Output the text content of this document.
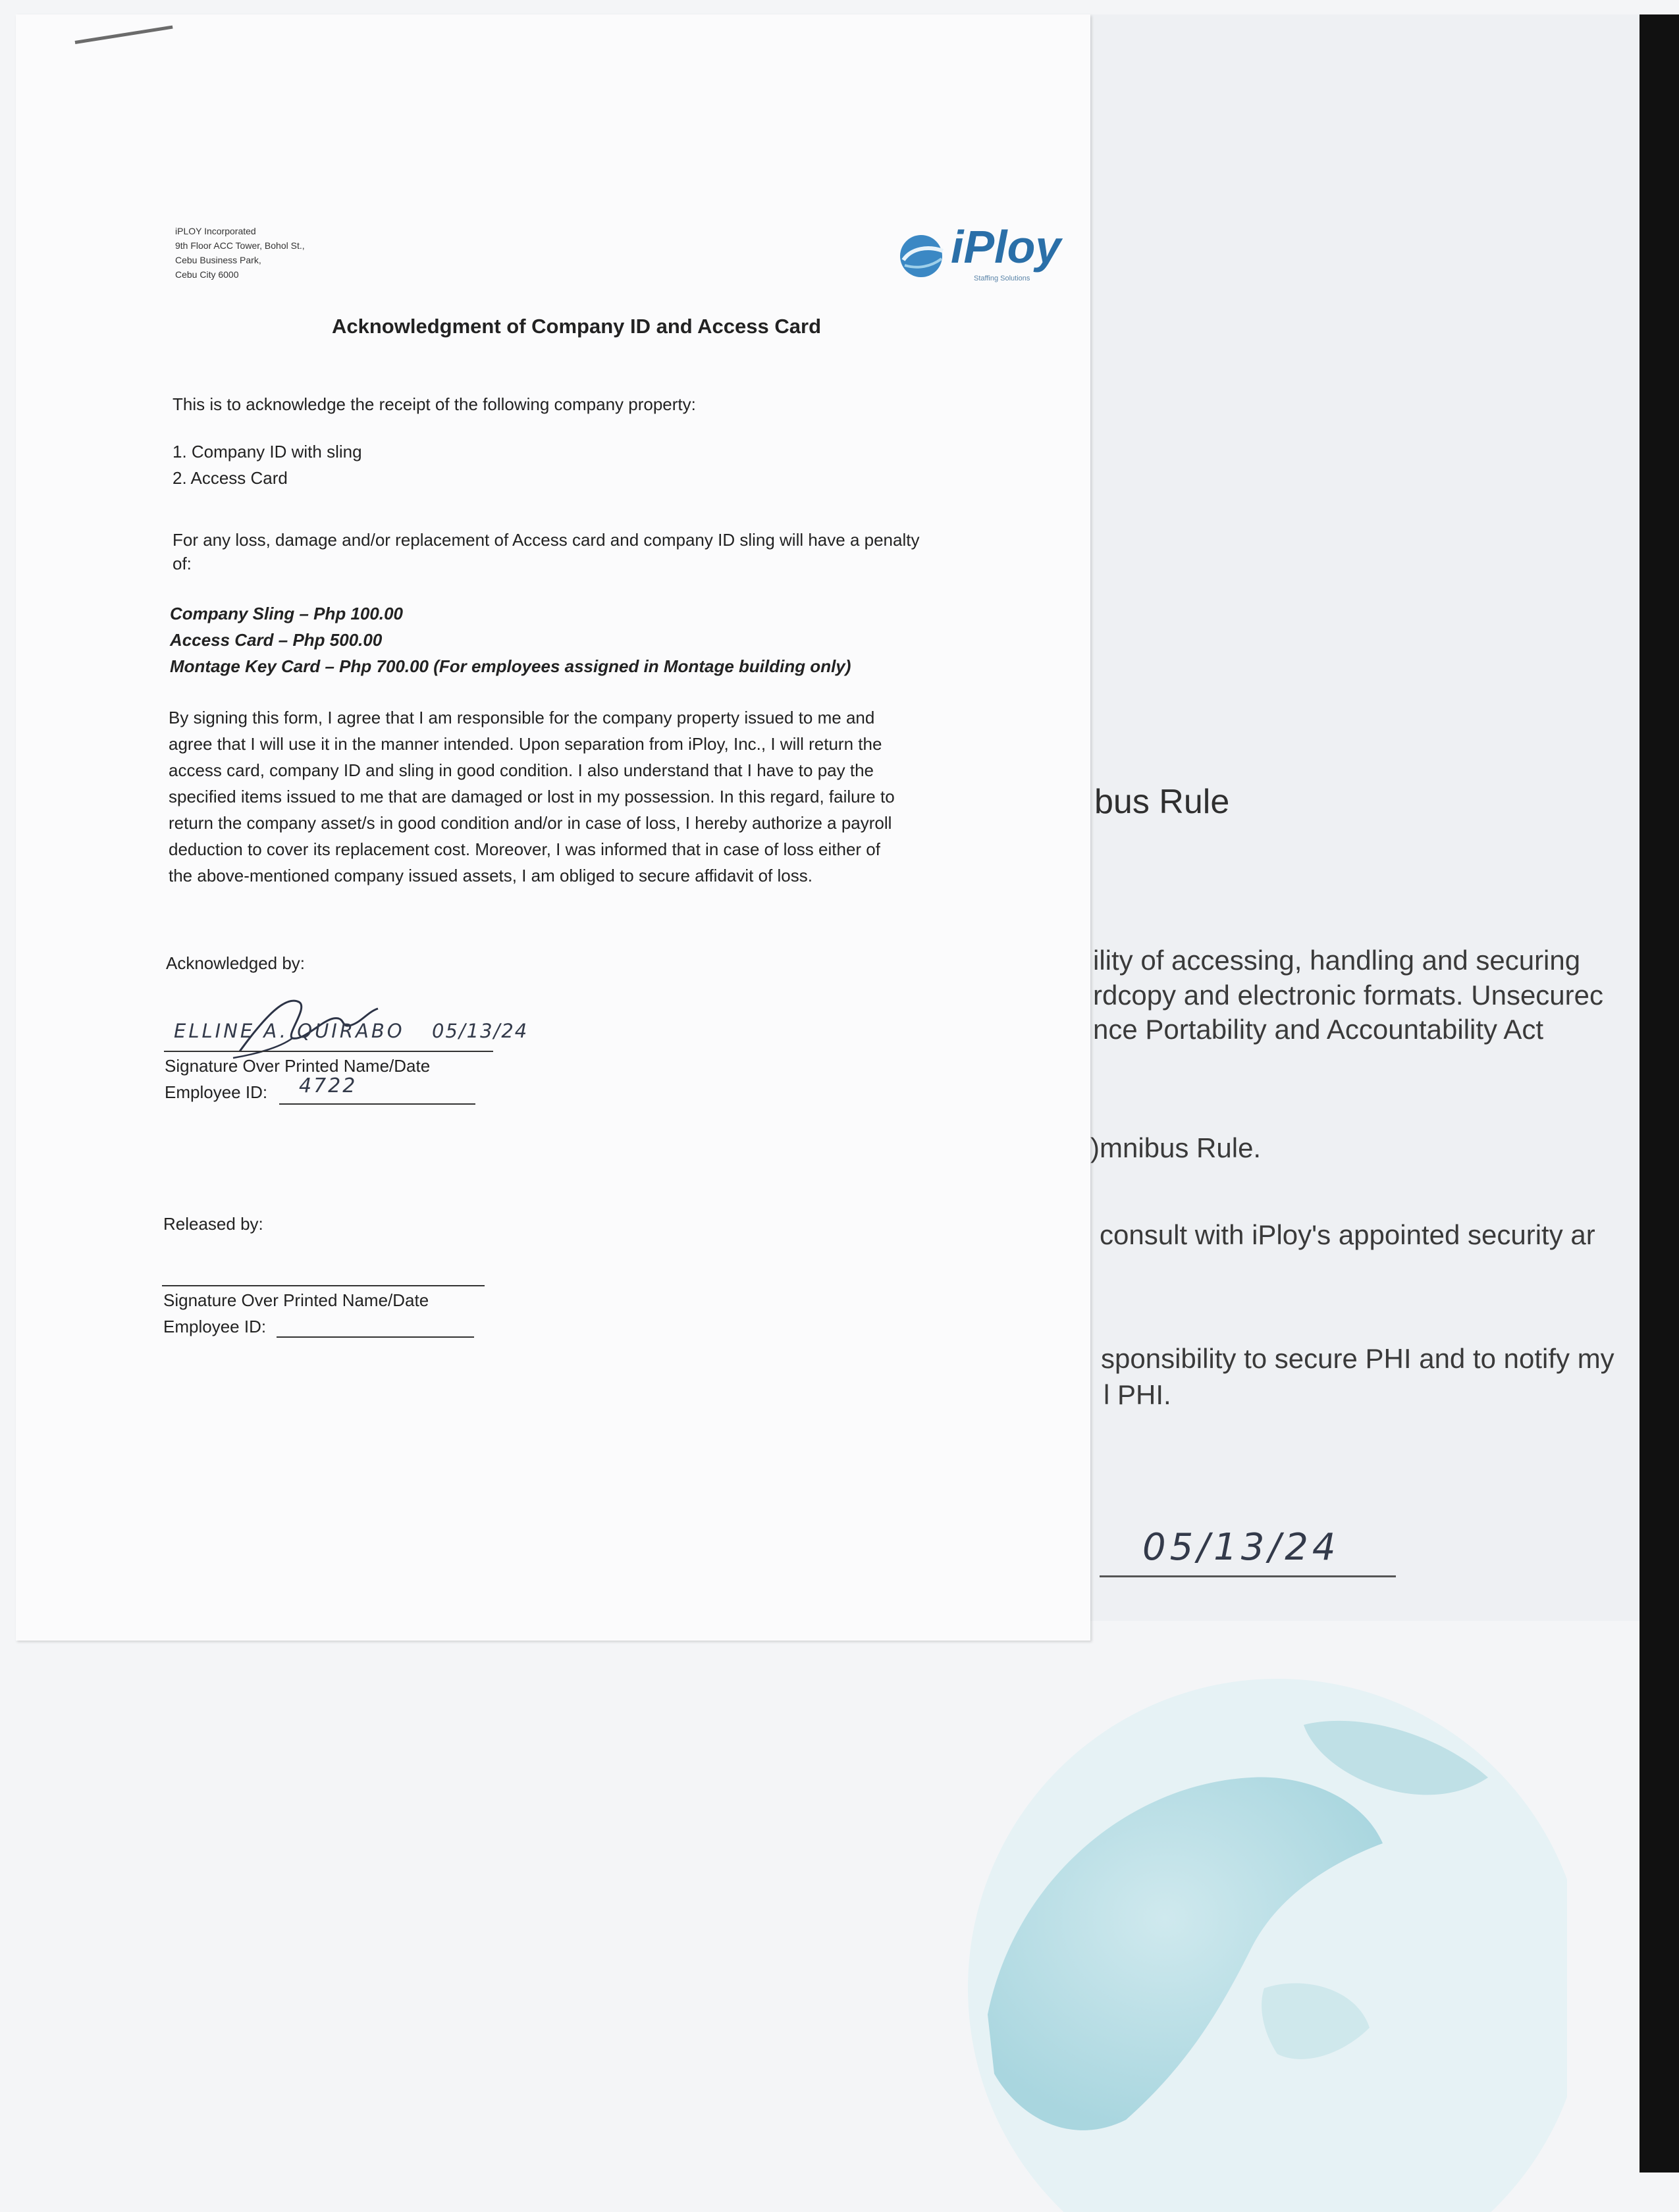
bus Rule
ility of accessing, handling and securing
rdcopy and electronic formats. Unsecurec
nce Portability and Accountability Act
)mnibus Rule.
consult with iPloy's appointed security ar
sponsibility to secure PHI and to notify my
l PHI.
05/13/24
iPLOY Incorporated
9th Floor ACC Tower, Bohol St.,
Cebu Business Park,
Cebu City 6000
iPloy
Staffing Solutions
Acknowledgment of Company ID and Access Card
This is to acknowledge the receipt of the following company property:
1. Company ID with sling
2. Access Card
For any loss, damage and/or replacement of Access card and company ID sling will have a penalty
of:
Company Sling – Php 100.00
Access Card – Php 500.00
Montage Key Card – Php 700.00 (For employees assigned in Montage building only)
By signing this form, I agree that I am responsible for the company property issued to me and
agree that I will use it in the manner intended. Upon separation from iPloy, Inc., I will return the
access card, company ID and sling in good condition. I also understand that I have to pay the
specified items issued to me that are damaged or lost in my possession. In this regard, failure to
return the company asset/s in good condition and/or in case of loss, I hereby authorize a payroll
deduction to cover its replacement cost. Moreover, I was informed that in case of loss either of
the above-mentioned company issued assets, I am obliged to secure affidavit of loss.
Acknowledged by:
ELLINE A. QUIRABO 05/13/24
Signature Over Printed Name/Date
Employee ID: 4722
Released by:
Signature Over Printed Name/Date
Employee ID:
